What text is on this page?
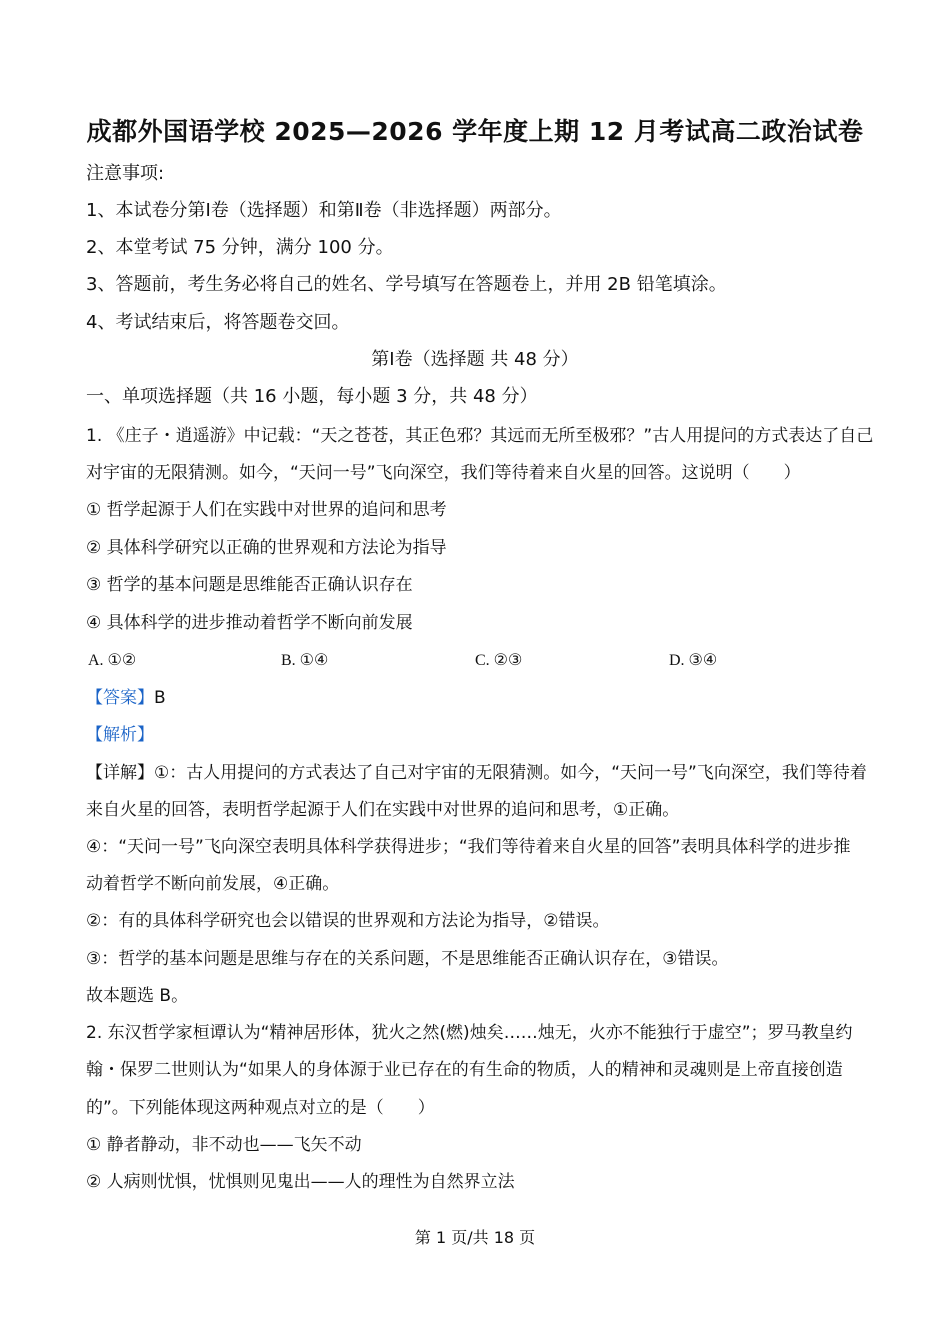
成都外国语学校 2025—2026 学年度上期 12 月考试高二政治试卷
注意事项:
1、本试卷分第Ⅰ卷（选择题）和第Ⅱ卷（非选择题）两部分。
2、本堂考试 75 分钟，满分 100 分。
3、答题前，考生务必将自己的姓名、学号填写在答题卷上，并用 2B 铅笔填涂。
4、考试结束后，将答题卷交回。
第Ⅰ卷（选择题 共 48 分）
一、单项选择题（共 16 小题，每小题 3 分，共 48 分）
1. 《庄子・逍遥游》中记载：“天之苍苍，其正色邪？其远而无所至极邪？”古人用提问的方式表达了自己
对宇宙的无限猜测。如今，“天问一号”飞向深空，我们等待着来自火星的回答。这说明（　　）
① 哲学起源于人们在实践中对世界的追问和思考
② 具体科学研究以正确的世界观和方法论为指导
③ 哲学的基本问题是思维能否正确认识存在
④ 具体科学的进步推动着哲学不断向前发展
A. ①②	B. ①④	C. ②③	D. ③④
【答案】B
【解析】
【详解】①：古人用提问的方式表达了自己对宇宙的无限猜测。如今，“天问一号”飞向深空，我们等待着
来自火星的回答，表明哲学起源于人们在实践中对世界的追问和思考，①正确。
④：“天问一号”飞向深空表明具体科学获得进步；“我们等待着来自火星的回答”表明具体科学的进步推
动着哲学不断向前发展，④正确。
②：有的具体科学研究也会以错误的世界观和方法论为指导，②错误。
③：哲学的基本问题是思维与存在的关系问题，不是思维能否正确认识存在，③错误。
故本题选 B。
2. 东汉哲学家桓谭认为“精神居形体，犹火之然(燃)烛矣……烛无，火亦不能独行于虚空”；罗马教皇约
翰・保罗二世则认为“如果人的身体源于业已存在的有生命的物质，人的精神和灵魂则是上帝直接创造
的”。下列能体现这两种观点对立的是（　　）
① 静者静动，非不动也——飞矢不动
② 人病则忧惧，忧惧则见鬼出——人的理性为自然界立法
第 1 页/共 18 页
